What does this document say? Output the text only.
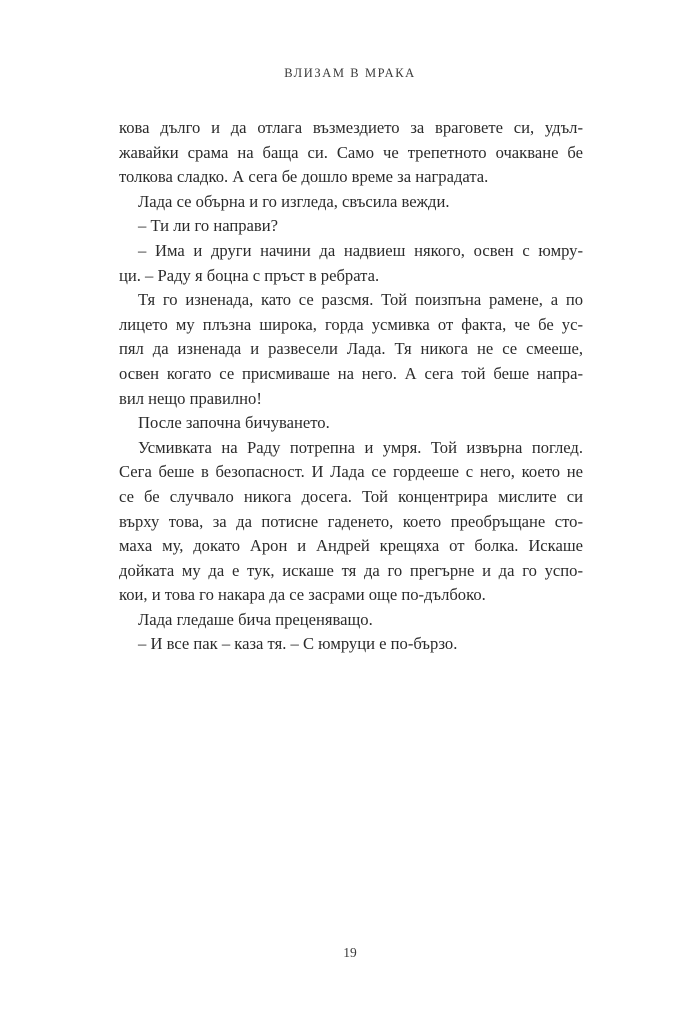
ВЛИЗАМ В МРАКА
кова дълго и да отлага възмездието за враговете си, удъл-
жавайки срама на баща си. Само че трепетното очакване бе
толкова сладко. А сега бе дошло време за наградата.
Лада се обърна и го изгледа, свъсила вежди.
– Ти ли го направи?
– Има и други начини да надвиеш някого, освен с юмру-
ци. – Раду я боцна с пръст в ребрата.
Тя го изненада, като се разсмя. Той поизпъна рамене, а по
лицето му плъзна широка, горда усмивка от факта, че бе ус-
пял да изненада и развесели Лада. Тя никога не се смееше,
освен когато се присмиваше на него. А сега той беше напра-
вил нещо правилно!
После започна бичуването.
Усмивката на Раду потрепна и умря. Той извърна поглед.
Сега беше в безопасност. И Лада се гордееше с него, което не
се бе случвало никога досега. Той концентрира мислите си
върху това, за да потисне гаденето, което преобръщане сто-
маха му, докато Арон и Андрей крещяха от болка. Искаше
дойката му да е тук, искаше тя да го прегърне и да го успо-
кои, и това го накара да се засрами още по-дълбоко.
Лада гледаше бича преценяващо.
– И все пак – каза тя. – С юмруци е по-бързо.
19
